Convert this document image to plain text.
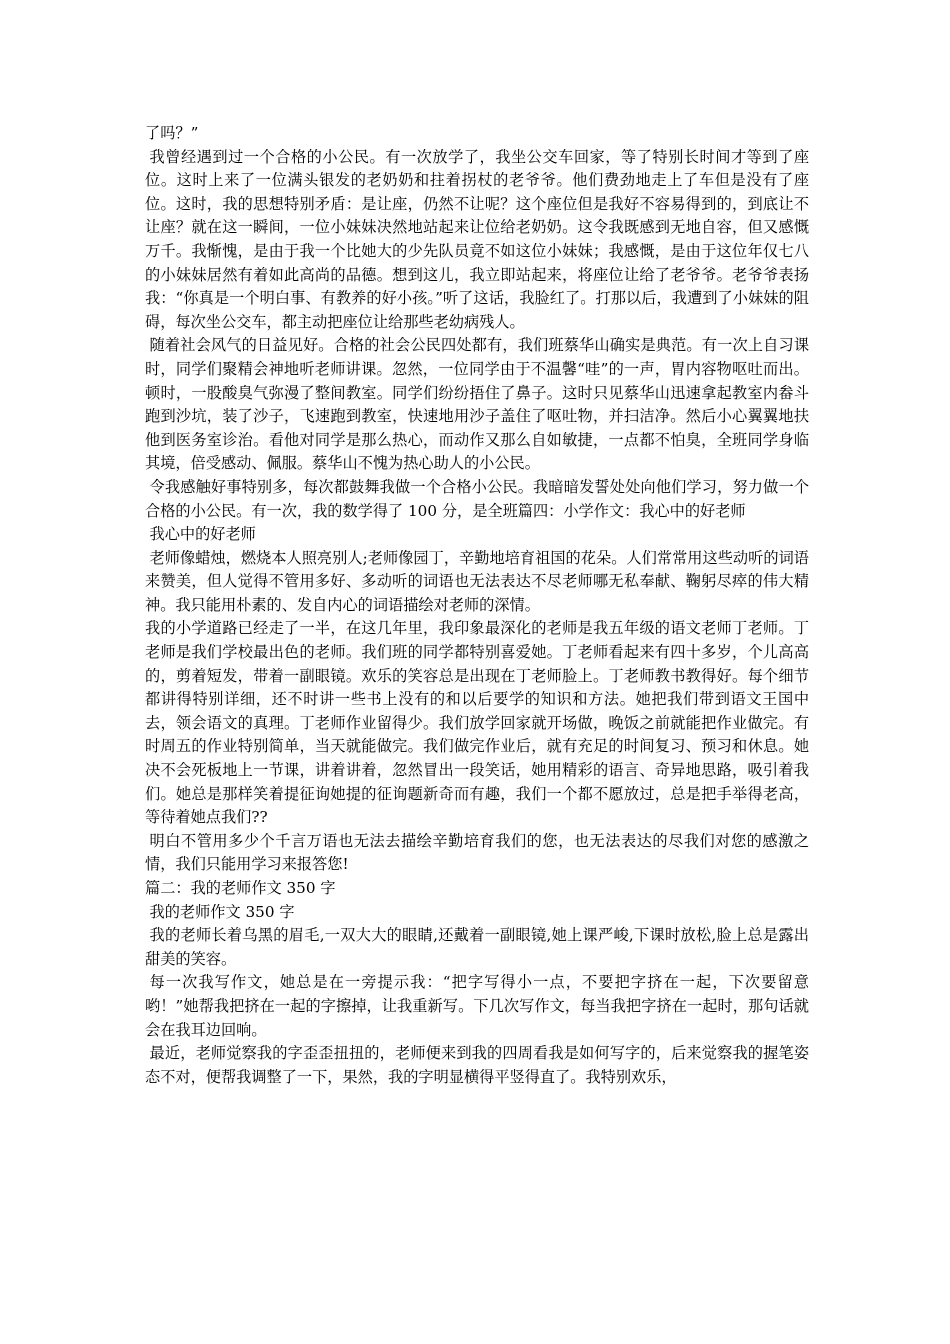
了吗？”

我曾经遇到过一个合格的小公民。有一次放学了，我坐公交车回家，等了特别长时间才等到了座位。这时上来了一位满头银发的老奶奶和拄着拐杖的老爷爷。他们费劲地走上了车但是没有了座位。这时，我的思想特别矛盾：是让座，仍然不让呢？这个座位但是我好不容易得到的，到底让不让座？就在这一瞬间，一位小妹妹决然地站起来让位给老奶奶。这令我既感到无地自容，但又感慨万千。我惭愧，是由于我一个比她大的少先队员竟不如这位小妹妹；我感慨，是由于这位年仅七八的小妹妹居然有着如此高尚的品德。想到这儿，我立即站起来，将座位让给了老爷爷。老爷爷表扬我：“你真是一个明白事、有教养的好小孩。”听了这话，我脸红了。打那以后，我遭到了小妹妹的阻碍，每次坐公交车，都主动把座位让给那些老幼病残人。

随着社会风气的日益见好。合格的社会公民四处都有，我们班蔡华山确实是典范。有一次上自习课时，同学们聚精会神地听老师讲课。忽然，一位同学由于不温馨“哇”的一声，胃内容物呕吐而出。顿时，一股酸臭气弥漫了整间教室。同学们纷纷捂住了鼻子。这时只见蔡华山迅速拿起教室内畚斗跑到沙坑，装了沙子，飞速跑到教室，快速地用沙子盖住了呕吐物，并扫洁净。然后小心翼翼地扶他到医务室诊治。看他对同学是那么热心，而动作又那么自如敏捷，一点都不怕臭，全班同学身临其境，倍受感动、佩服。蔡华山不愧为热心助人的小公民。

令我感触好事特别多，每次都鼓舞我做一个合格小公民。我暗暗发誓处处向他们学习，努力做一个合格的小公民。有一次，我的数学得了 100 分，是全班篇四：小学作文：我心中的好老师

我心中的好老师

老师像蜡烛，燃烧本人照亮别人;老师像园丁，辛勤地培育祖国的花朵。人们常常用这些动听的词语来赞美，但人觉得不管用多好、多动听的词语也无法表达不尽老师哪无私奉献、鞠躬尽瘁的伟大精神。我只能用朴素的、发自内心的词语描绘对老师的深情。

我的小学道路已经走了一半，在这几年里，我印象最深化的老师是我五年级的语文老师丁老师。丁老师是我们学校最出色的老师。我们班的同学都特别喜爱她。丁老师看起来有四十多岁，个儿高高的，剪着短发，带着一副眼镜。欢乐的笑容总是出现在丁老师脸上。丁老师教书教得好。每个细节都讲得特别详细，还不时讲一些书上没有的和以后要学的知识和方法。她把我们带到语文王国中去，领会语文的真理。丁老师作业留得少。我们放学回家就开场做，晚饭之前就能把作业做完。有时周五的作业特别简单，当天就能做完。我们做完作业后，就有充足的时间复习、预习和休息。她决不会死板地上一节课，讲着讲着，忽然冒出一段笑话，她用精彩的语言、奇异地思路，吸引着我们。她总是那样笑着提征询她提的征询题新奇而有趣，我们一个都不愿放过，总是把手举得老高，等待着她点我们??

明白不管用多少个千言万语也无法去描绘辛勤培育我们的您，也无法表达的尽我们对您的感激之情，我们只能用学习来报答您!

篇二：我的老师作文 350 字

我的老师作文 350 字

我的老师长着乌黑的眉毛,一双大大的眼睛,还戴着一副眼镜,她上课严峻,下课时放松,脸上总是露出甜美的笑容。

每一次我写作文，她总是在一旁提示我：“把字写得小一点，不要把字挤在一起，下次要留意哟！”她帮我把挤在一起的字擦掉，让我重新写。下几次写作文，每当我把字挤在一起时，那句话就会在我耳边回响。

最近，老师觉察我的字歪歪扭扭的，老师便来到我的四周看我是如何写字的，后来觉察我的握笔姿态不对，便帮我调整了一下，果然，我的字明显横得平竖得直了。我特别欢乐，
